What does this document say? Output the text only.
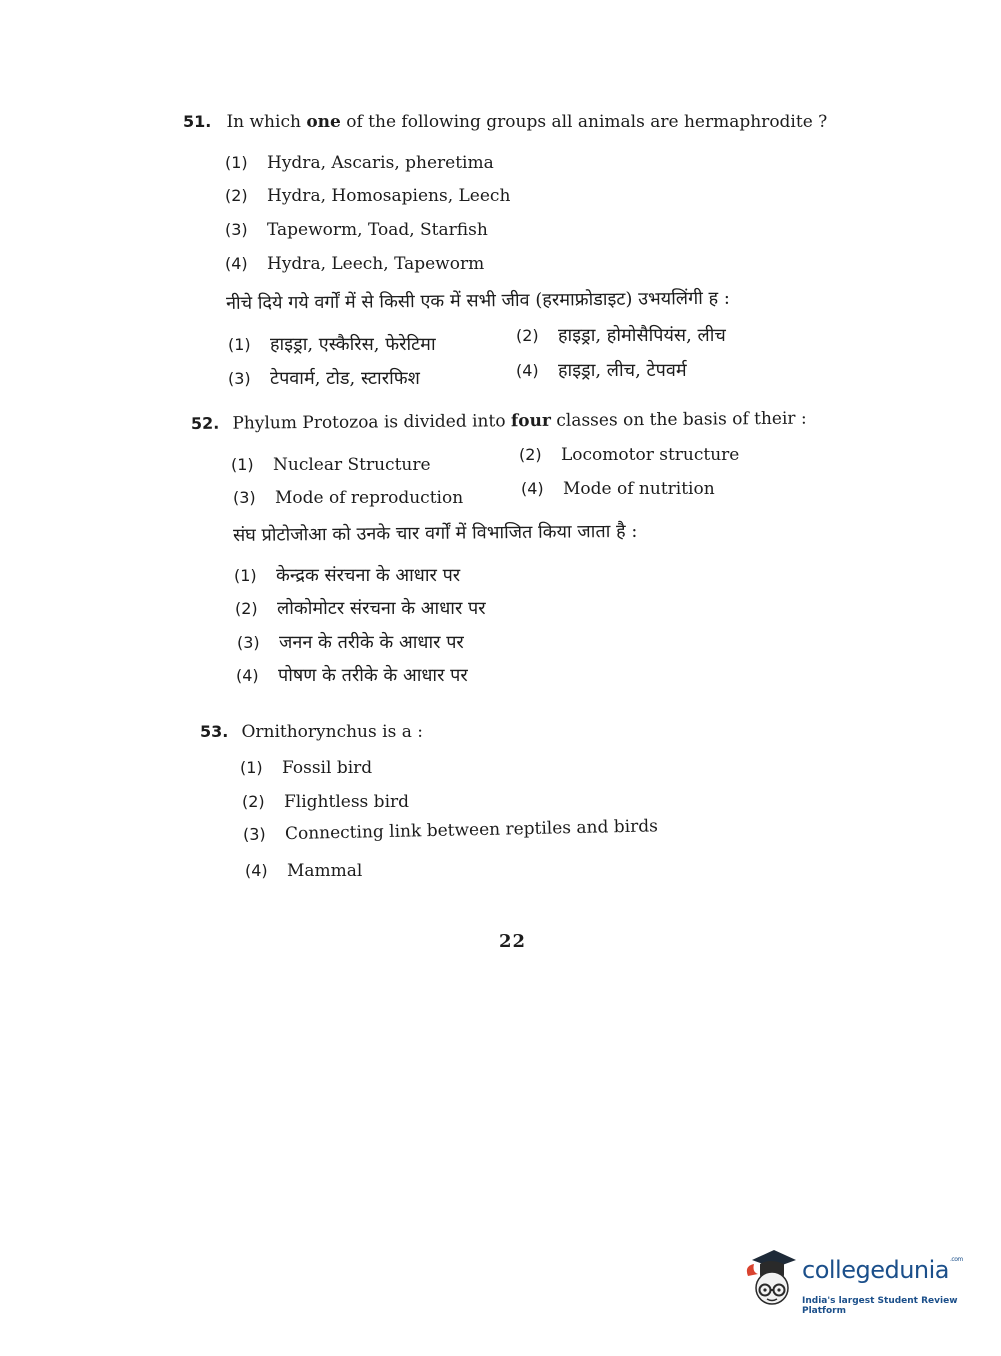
51. In which one of the following groups all animals are hermaphrodite ?
(1) Hydra, Ascaris, pheretima
(2) Hydra, Homosapiens, Leech
(3) Tapeworm, Toad, Starfish
(4) Hydra, Leech, Tapeworm
नीचे दिये गये वर्गों में से किसी एक में सभी जीव (हरमाफ्रोडाइट) उभयलिंगी ह :
(1) हाइड्रा, एस्कैरिस, फेरेटिमा	(2) हाइड्रा, होमोसैपियंस, लीच
(3) टेपवार्म, टोड, स्टारफिश	(4) हाइड्रा, लीच, टेपवर्म
52. Phylum Protozoa is divided into four classes on the basis of their :
(1) Nuclear Structure
(2) Locomotor structure
(3) Mode of reproduction	(4) Mode of nutrition
संघ प्रोटोजोआ को उनके चार वर्गों में विभाजित किया जाता है :
(1) केन्द्रक संरचना के आधार पर
(2) लोकोमोटर संरचना के आधार पर
(3) जनन के तरीके के आधार पर
(4) पोषण के तरीके के आधार पर
53. Ornithorynchus is a :
(1) Fossil bird
(2) Flightless bird
(3) Connecting link between reptiles and birds
(4) Mammal
22
collegedunia$^{.com}$
India's largest Student Review Platform
